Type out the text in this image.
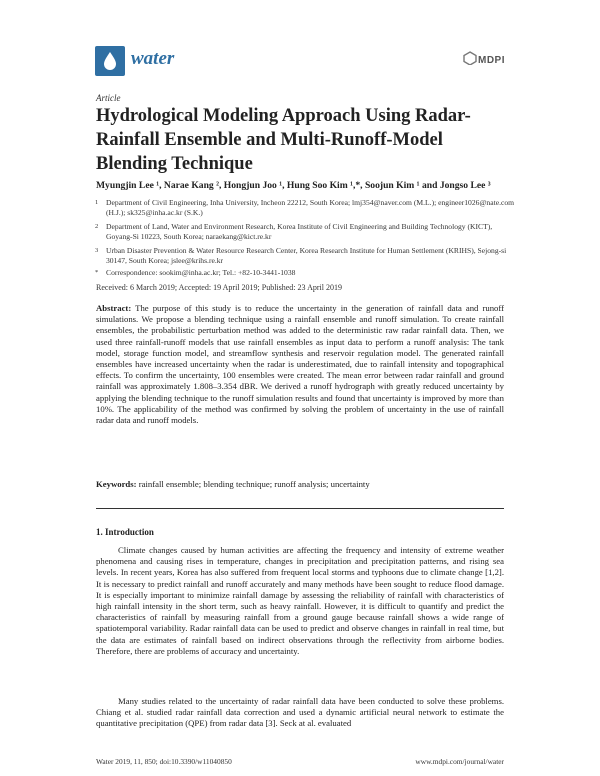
water	MDPI
Article
Hydrological Modeling Approach Using Radar-Rainfall Ensemble and Multi-Runoff-Model Blending Technique
Myungjin Lee ¹, Narae Kang ², Hongjun Joo ¹, Hung Soo Kim ¹,*, Soojun Kim ¹ and Jongso Lee ³
1 Department of Civil Engineering, Inha University, Incheon 22212, South Korea; lmj354@naver.com (M.L.); engineer1026@nate.com (H.J.); sk325@inha.ac.kr (S.K.)
2 Department of Land, Water and Environment Research, Korea Institute of Civil Engineering and Building Technology (KICT), Goyang-Si 10223, South Korea; naraekang@kict.re.kr
3 Urban Disaster Prevention & Water Resource Research Center, Korea Research Institute for Human Settlement (KRIHS), Sejong-si 30147, South Korea; jslee@krihs.re.kr
* Correspondence: sookim@inha.ac.kr; Tel.: +82-10-3441-1038
Received: 6 March 2019; Accepted: 19 April 2019; Published: 23 April 2019
Abstract: The purpose of this study is to reduce the uncertainty in the generation of rainfall data and runoff simulations. We propose a blending technique using a rainfall ensemble and runoff simulation. To create rainfall ensembles, the probabilistic perturbation method was added to the deterministic raw radar rainfall data. Then, we used three rainfall-runoff models that use rainfall ensembles as input data to perform a runoff analysis: The tank model, storage function model, and streamflow synthesis and reservoir regulation model. The generated rainfall ensembles have increased uncertainty when the radar is underestimated, due to rainfall intensity and topographical effects. To confirm the uncertainty, 100 ensembles were created. The mean error between radar rainfall and ground rainfall was approximately 1.808–3.354 dBR. We derived a runoff hydrograph with greatly reduced uncertainty by applying the blending technique to the runoff simulation results and found that uncertainty is improved by more than 10%. The applicability of the method was confirmed by solving the problem of uncertainty in the use of rainfall radar data and runoff models.
Keywords: rainfall ensemble; blending technique; runoff analysis; uncertainty
1. Introduction
Climate changes caused by human activities are affecting the frequency and intensity of extreme weather phenomena and causing rises in temperature, changes in precipitation and precipitation patterns, and rising sea levels. In recent years, Korea has also suffered from frequent local storms and typhoons due to climate change [1,2]. It is necessary to predict rainfall and runoff accurately and many methods have been sought to reduce flood damage. It is especially important to minimize rainfall damage by assessing the reliability of rainfall with characteristics of high rainfall intensity in the short term, such as heavy rainfall. However, it is difficult to quantify and predict the characteristics of rainfall by measuring rainfall from a ground gauge because rainfall shows a wide range of spatiotemporal variability. Radar rainfall data can be used to predict and observe changes in rainfall in real time, but the data are estimates of rainfall based on indirect observations through the reflectivity from airborne bodies. Therefore, there are problems of accuracy and uncertainty.
Many studies related to the uncertainty of radar rainfall data have been conducted to solve these problems. Chiang et al. studied radar rainfall data correction and used a dynamic artificial neural network to estimate the quantitative precipitation (QPE) from radar data [3]. Seck at al. evaluated
Water 2019, 11, 850; doi:10.3390/w11040850	www.mdpi.com/journal/water
